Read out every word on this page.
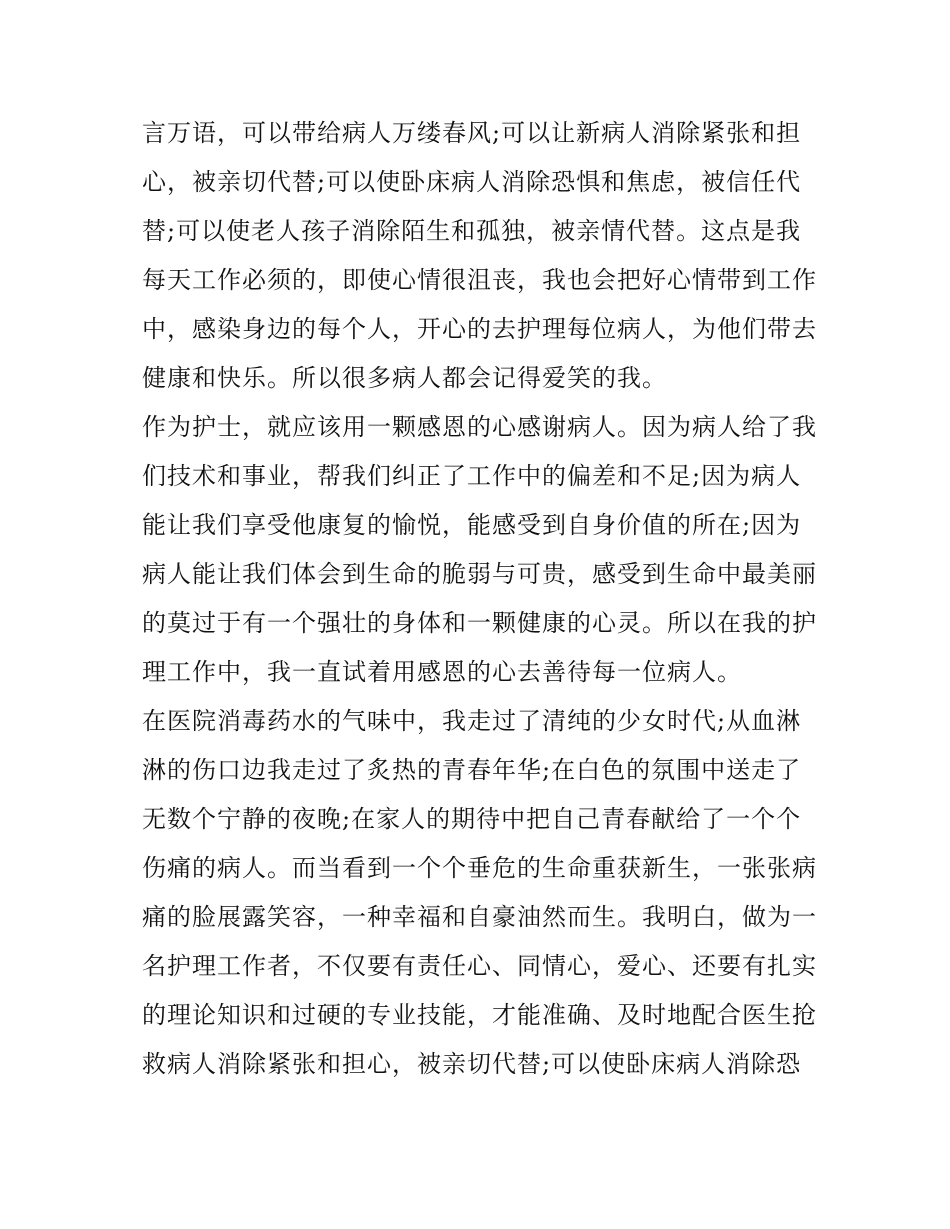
言万语，可以带给病人万缕春风;可以让新病人消除紧张和担
心，被亲切代替;可以使卧床病人消除恐惧和焦虑，被信任代
替;可以使老人孩子消除陌生和孤独，被亲情代替。这点是我
每天工作必须的，即使心情很沮丧，我也会把好心情带到工作
中，感染身边的每个人，开心的去护理每位病人，为他们带去
健康和快乐。所以很多病人都会记得爱笑的我。
作为护士，就应该用一颗感恩的心感谢病人。因为病人给了我
们技术和事业，帮我们纠正了工作中的偏差和不足;因为病人
能让我们享受他康复的愉悦，能感受到自身价值的所在;因为
病人能让我们体会到生命的脆弱与可贵，感受到生命中最美丽
的莫过于有一个强壮的身体和一颗健康的心灵。所以在我的护
理工作中，我一直试着用感恩的心去善待每一位病人。
在医院消毒药水的气味中，我走过了清纯的少女时代;从血淋
淋的伤口边我走过了炙热的青春年华;在白色的氛围中送走了
无数个宁静的夜晚;在家人的期待中把自己青春献给了一个个
伤痛的病人。而当看到一个个垂危的生命重获新生，一张张病
痛的脸展露笑容，一种幸福和自豪油然而生。我明白，做为一
名护理工作者，不仅要有责任心、同情心，爱心、还要有扎实
的理论知识和过硬的专业技能，才能准确、及时地配合医生抢
救病人消除紧张和担心，被亲切代替;可以使卧床病人消除恐
